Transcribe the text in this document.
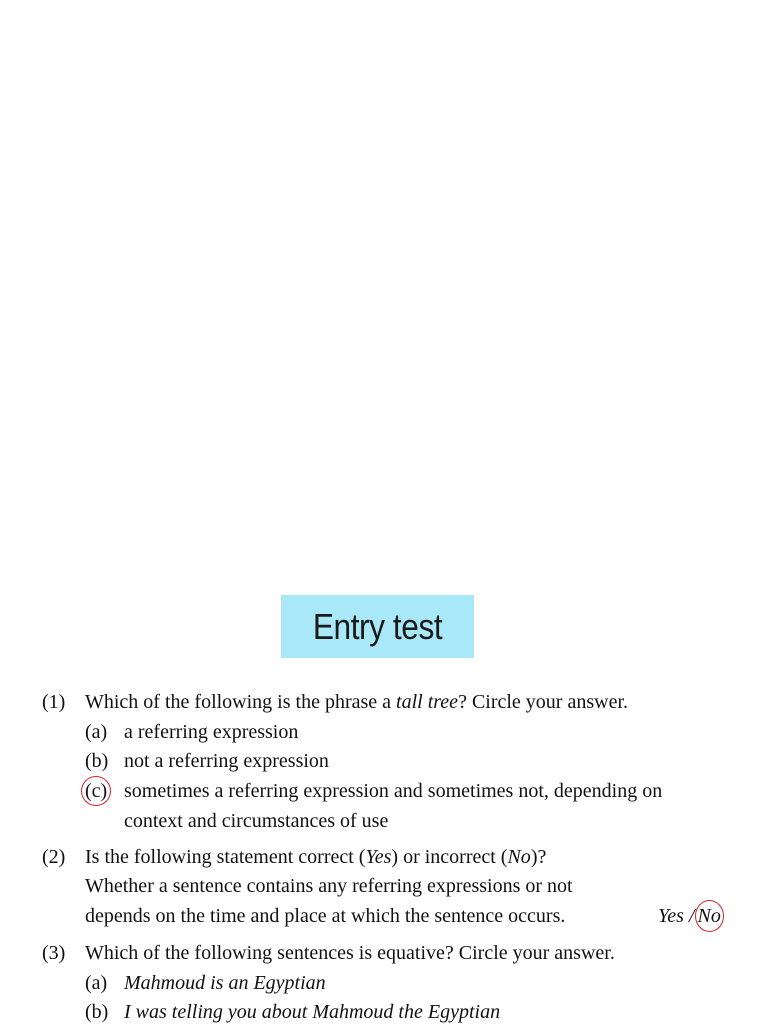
Entry test
(1) Which of the following is the phrase a tall tree? Circle your answer.
(a) a referring expression
(b) not a referring expression
(c) sometimes a referring expression and sometimes not, depending on
context and circumstances of use
(2) Is the following statement correct (Yes) or incorrect (No)?
Whether a sentence contains any referring expressions or not
depends on the time and place at which the sentence occurs.	Yes / No
(3) Which of the following sentences is equative? Circle your answer.
(a) Mahmoud is an Egyptian
(b) I was telling you about Mahmoud the Egyptian
